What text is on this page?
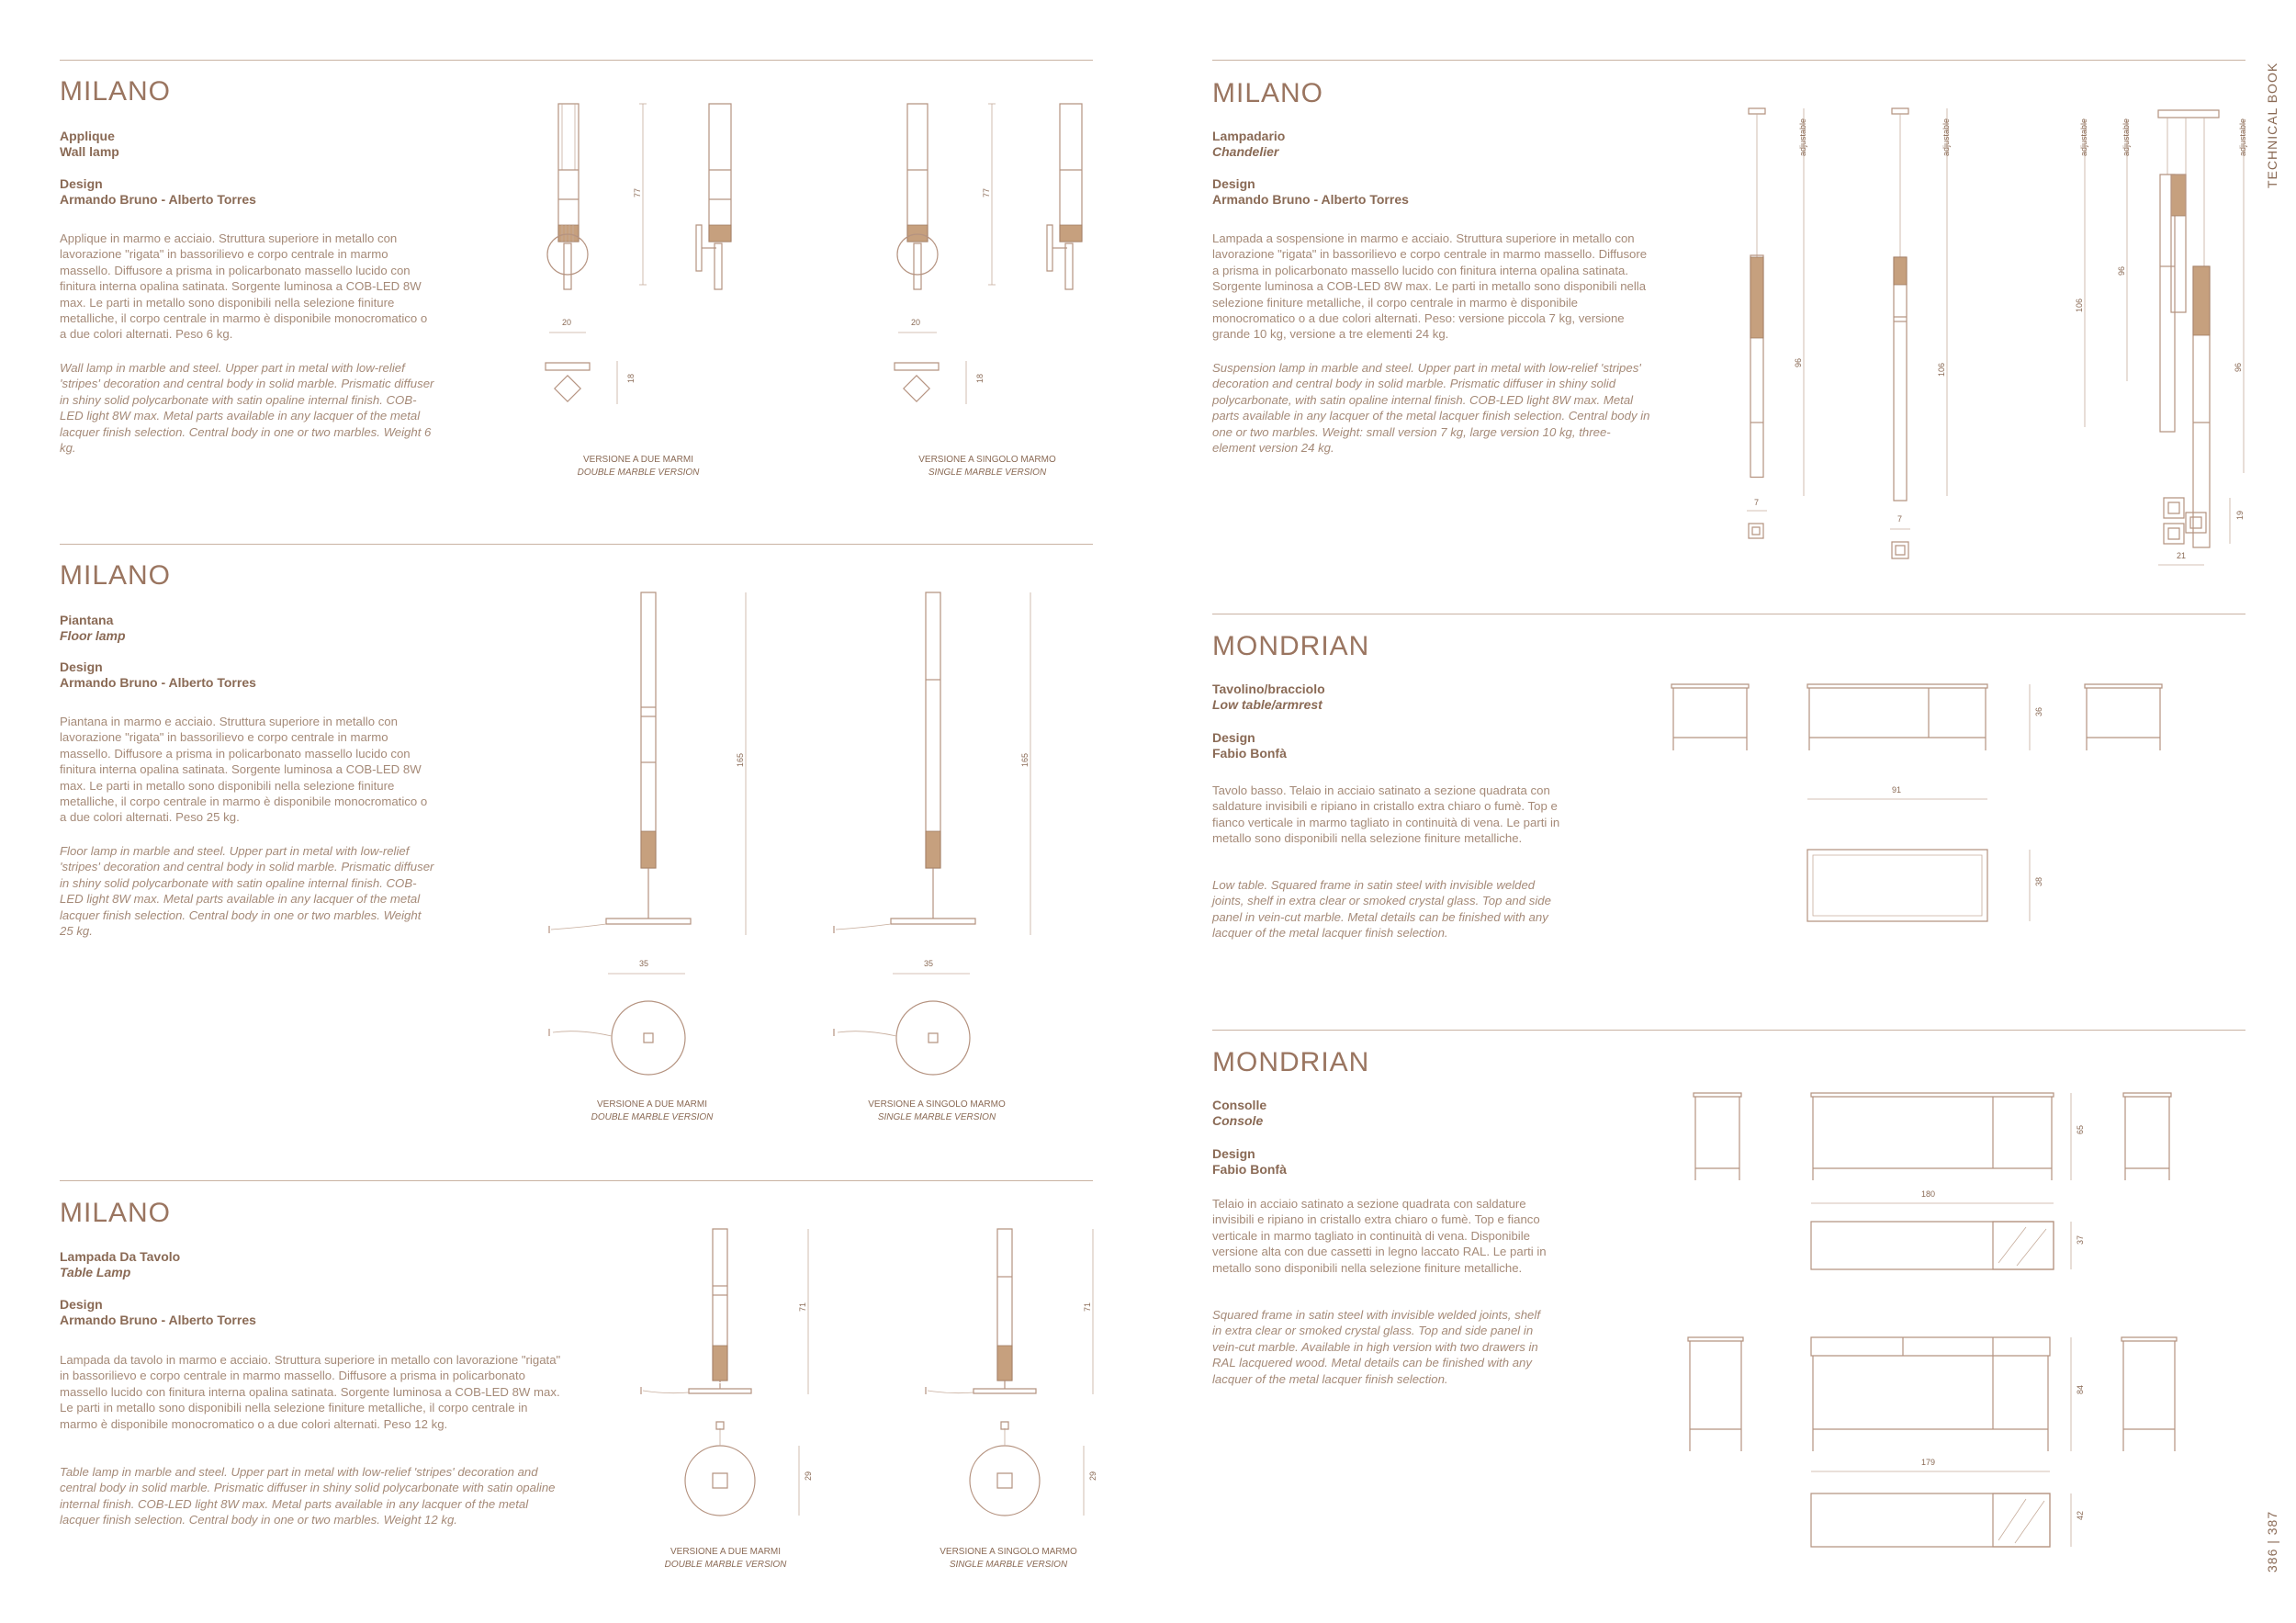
MILANO
Applique
Wall lamp
Design
Armando Bruno - Alberto Torres

Applique in marmo e acciaio. Struttura superiore in metallo con lavorazione "rigata" in bassorilievo e corpo centrale in marmo massello. Diffusore a prisma in policarbonato massello lucido con finitura interna opalina satinata. Sorgente luminosa a COB-LED 8W max. Le parti in metallo sono disponibili nella selezione finiture metalliche, il corpo centrale in marmo è disponibile monocromatico o a due colori alternati. Peso 6 kg.

Wall lamp in marble and steel. Upper part in metal with low-relief 'stripes' decoration and central body in solid marble. Prismatic diffuser in shiny solid polycarbonate with satin opaline internal finish. COB-LED light 8W max. Metal parts available in any lacquer of the metal lacquer finish selection. Central body in one or two marbles. Weight 6 kg.

77
20
18
77
20
18
VERSIONE A DUE MARMI
DOUBLE MARBLE VERSION
VERSIONE A SINGOLO MARMO
SINGLE MARBLE VERSION
MILANO
Piantana
Floor lamp
Design
Armando Bruno - Alberto Torres

Piantana in marmo e acciaio. Struttura superiore in metallo con lavorazione "rigata" in bassorilievo e corpo centrale in marmo massello. Diffusore a prisma in policarbonato massello lucido con finitura interna opalina satinata. Sorgente luminosa a COB-LED 8W max. Le parti in metallo sono disponibili nella selezione finiture metalliche, il corpo centrale in marmo è disponibile monocromatico o a due colori alternati. Peso 25 kg.

Floor lamp in marble and steel. Upper part in metal with low-relief 'stripes' decoration and central body in solid marble. Prismatic diffuser in shiny solid polycarbonate with satin opaline internal finish. COB-LED light 8W max. Metal parts available in any lacquer of the metal lacquer finish selection. Central body in one or two marbles. Weight 25 kg.

165
35
165
35
VERSIONE A DUE MARMI
DOUBLE MARBLE VERSION
VERSIONE A SINGOLO MARMO
SINGLE MARBLE VERSION
MILANO
Lampada Da Tavolo
Table Lamp
Design
Armando Bruno - Alberto Torres

Lampada da tavolo in marmo e acciaio. Struttura superiore in metallo con lavorazione "rigata" in bassorilievo e corpo centrale in marmo massello. Diffusore a prisma in policarbonato massello lucido con finitura interna opalina satinata. Sorgente luminosa a COB-LED 8W max. Le parti in metallo sono disponibili nella selezione finiture metalliche, il corpo centrale in marmo è disponibile monocromatico o a due colori alternati. Peso 12 kg.

Table lamp in marble and steel. Upper part in metal with low-relief 'stripes' decoration and central body in solid marble. Prismatic diffuser in shiny solid polycarbonate with satin opaline internal finish. COB-LED light 8W max. Metal parts available in any lacquer of the metal lacquer finish selection. Central body in one or two marbles. Weight 12 kg.

71
29
71
29
VERSIONE A DUE MARMI
DOUBLE MARBLE VERSION
VERSIONE A SINGOLO MARMO
SINGLE MARBLE VERSION
MILANO
Lampadario
Chandelier
Design
Armando Bruno - Alberto Torres

Lampada a sospensione in marmo e acciaio. Struttura superiore in metallo con lavorazione "rigata" in bassorilievo e corpo centrale in marmo massello. Diffusore a prisma in policarbonato massello lucido con finitura interna opalina satinata. Sorgente luminosa a COB-LED 8W max. Le parti in metallo sono disponibili nella selezione finiture metalliche, il corpo centrale in marmo è disponibile monocromatico o a due colori alternati. Peso: versione piccola 7 kg, versione grande 10 kg, versione a tre elementi 24 kg.

Suspension lamp in marble and steel. Upper part in metal with low-relief 'stripes' decoration and central body in solid marble. Prismatic diffuser in shiny solid polycarbonate, with satin opaline internal finish. COB-LED light 8W max. Metal parts available in any lacquer of the metal lacquer finish selection. Central body in one or two marbles. Weight: small version 7 kg, large version 10 kg, three-element version 24 kg.

adjustable
96
7
adjustable
106
7
adjustable
106
adjustable
96
adjustable
96
19
21
MONDRIAN
Tavolino/bracciolo
Low table/armrest
Design
Fabio Bonfà

Tavolo basso. Telaio in acciaio satinato a sezione quadrata con saldature invisibili e ripiano in cristallo extra chiaro o fumè. Top e fianco verticale in marmo tagliato in continuità di vena. Le parti in metallo sono disponibili nella selezione finiture metalliche.

Low table. Squared frame in satin steel with invisible welded joints, shelf in extra clear or smoked crystal glass. Top and side panel in vein-cut marble. Metal details can be finished with any lacquer of the metal lacquer finish selection.

36
91
38
MONDRIAN
Consolle
Console
Design
Fabio Bonfà

Telaio in acciaio satinato a sezione quadrata con saldature invisibili e ripiano in cristallo extra chiaro o fumè. Top e fianco verticale in marmo tagliato in continuità di vena. Disponibile versione alta con due cassetti in legno laccato RAL. Le parti in metallo sono disponibili nella selezione finiture metalliche.

Squared frame in satin steel with invisible welded joints, shelf in extra clear or smoked crystal glass. Top and side panel in vein-cut marble. Available in high version with two drawers in RAL lacquered wood. Metal details can be finished with any lacquer of the metal lacquer finish selection.

65
180
37
84
179
42
TECHNICAL BOOK
386 | 387
